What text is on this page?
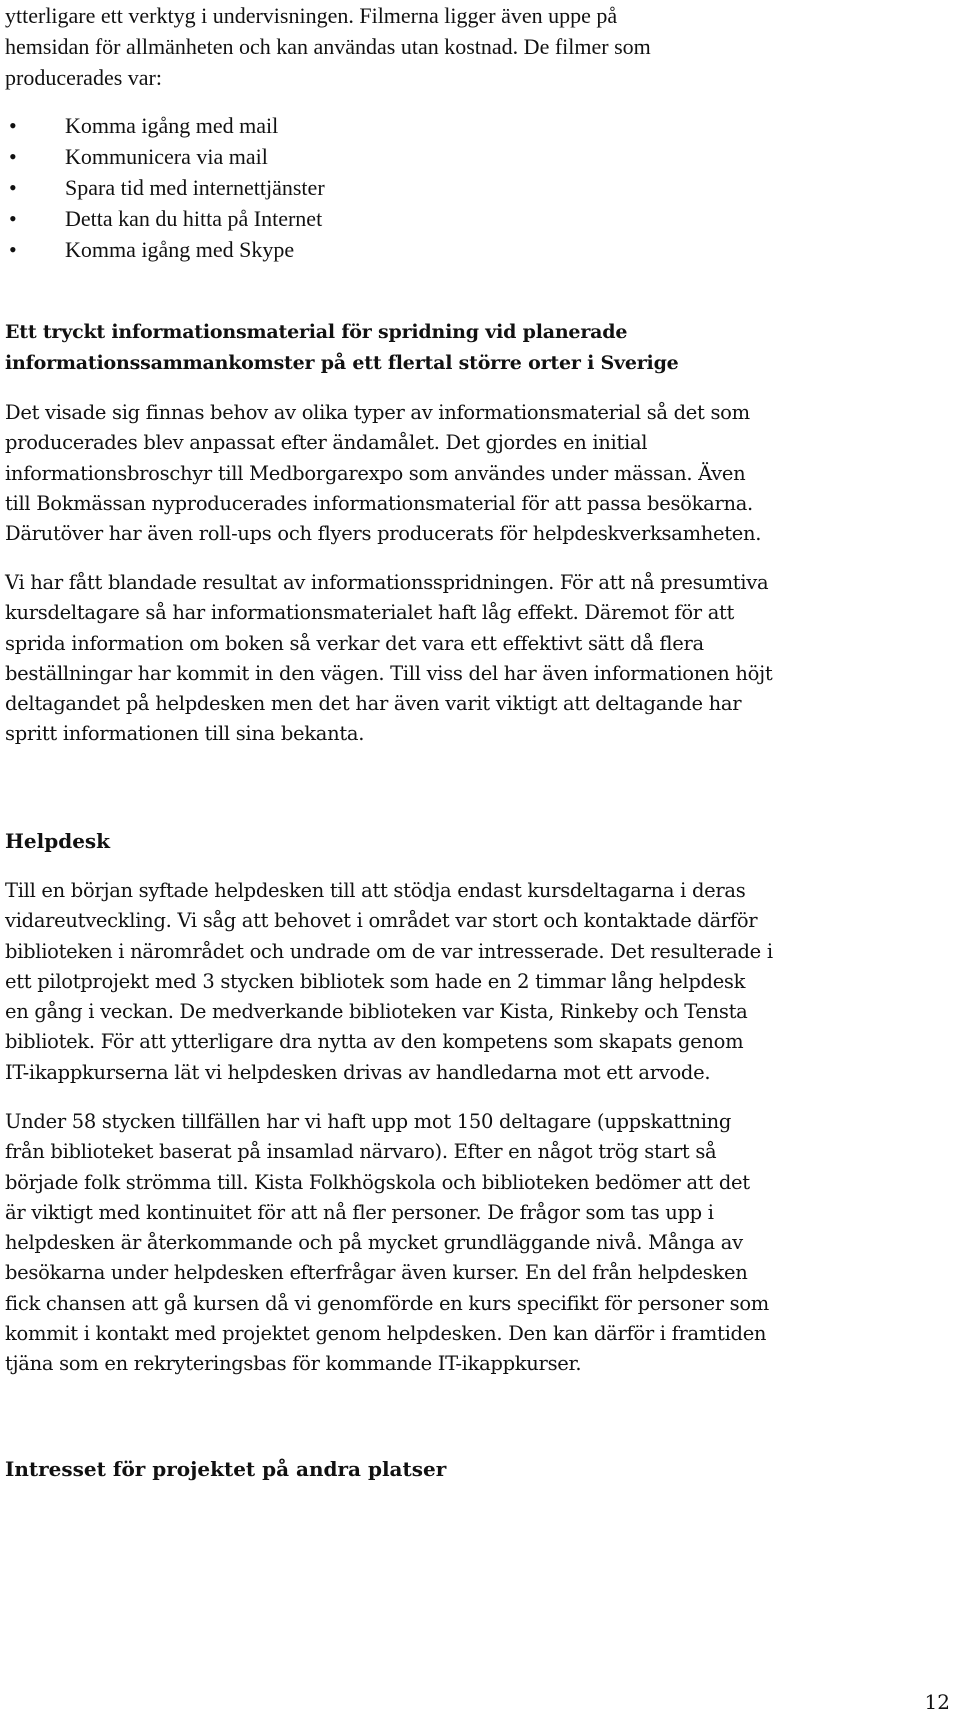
ytterligare ett verktyg i undervisningen. Filmerna ligger även uppe på
hemsidan för allmänheten och kan användas utan kostnad. De filmer som
producerades var:
• Komma igång med mail
• Kommunicera via mail
• Spara tid med internettjänster
• Detta kan du hitta på Internet
• Komma igång med Skype
Ett tryckt informationsmaterial för spridning vid planerade
informationssammankomster på ett flertal större orter i Sverige

Det visade sig finnas behov av olika typer av informationsmaterial så det som
producerades blev anpassat efter ändamålet. Det gjordes en initial
informationsbroschyr till Medborgarexpo som användes under mässan. Även
till Bokmässan nyproducerades informationsmaterial för att passa besökarna.
Därutöver har även roll-ups och flyers producerats för helpdeskverksamheten.

Vi har fått blandade resultat av informationsspridningen. För att nå presumtiva
kursdeltagare så har informationsmaterialet haft låg effekt. Däremot för att
sprida information om boken så verkar det vara ett effektivt sätt då flera
beställningar har kommit in den vägen. Till viss del har även informationen höjt
deltagandet på helpdesken men det har även varit viktigt att deltagande har
spritt informationen till sina bekanta.

Helpdesk

Till en början syftade helpdesken till att stödja endast kursdeltagarna i deras
vidareutveckling. Vi såg att behovet i området var stort och kontaktade därför
biblioteken i närområdet och undrade om de var intresserade. Det resulterade i
ett pilotprojekt med 3 stycken bibliotek som hade en 2 timmar lång helpdesk
en gång i veckan. De medverkande biblioteken var Kista, Rinkeby och Tensta
bibliotek. För att ytterligare dra nytta av den kompetens som skapats genom
IT-ikappkurserna lät vi helpdesken drivas av handledarna mot ett arvode.

Under 58 stycken tillfällen har vi haft upp mot 150 deltagare (uppskattning
från biblioteket baserat på insamlad närvaro). Efter en något trög start så
började folk strömma till. Kista Folkhögskola och biblioteken bedömer att det
är viktigt med kontinuitet för att nå fler personer. De frågor som tas upp i
helpdesken är återkommande och på mycket grundläggande nivå. Många av
besökarna under helpdesken efterfrågar även kurser. En del från helpdesken
fick chansen att gå kursen då vi genomförde en kurs specifikt för personer som
kommit i kontakt med projektet genom helpdesken. Den kan därför i framtiden
tjäna som en rekryteringsbas för kommande IT-ikappkurser.

Intresset för projektet på andra platser
12
